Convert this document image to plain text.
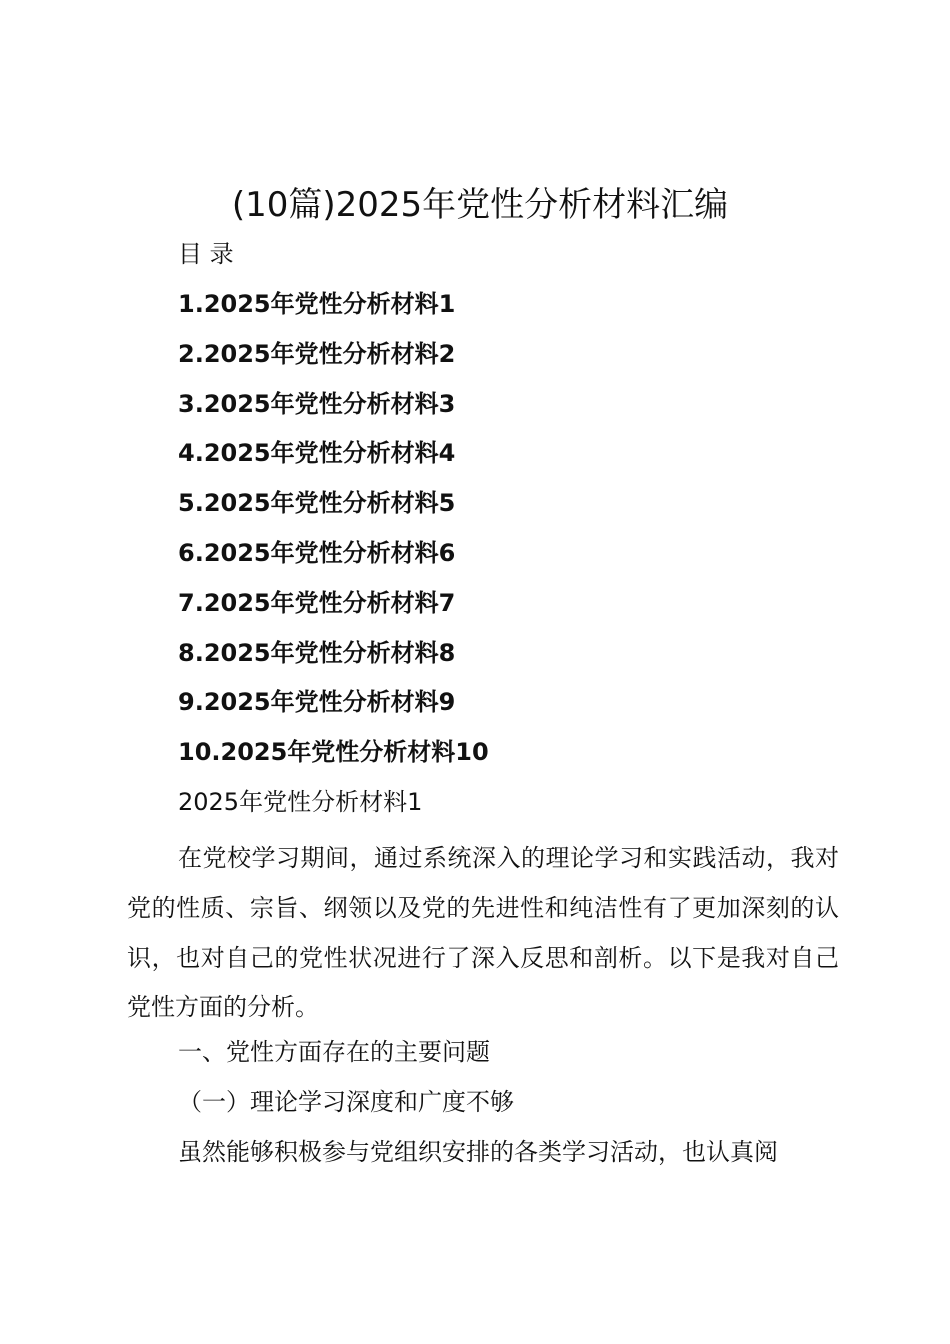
(10篇)2025年党性分析材料汇编
目 录
1.2025年党性分析材料1
2.2025年党性分析材料2
3.2025年党性分析材料3
4.2025年党性分析材料4
5.2025年党性分析材料5
6.2025年党性分析材料6
7.2025年党性分析材料7
8.2025年党性分析材料8
9.2025年党性分析材料9
10.2025年党性分析材料10
2025年党性分析材料1

在党校学习期间，通过系统深入的理论学习和实践活动，我对党的性质、宗旨、纲领以及党的先进性和纯洁性有了更加深刻的认识，也对自己的党性状况进行了深入反思和剖析。以下是我对自己党性方面的分析。

一、党性方面存在的主要问题
（一）理论学习深度和广度不够
虽然能够积极参与党组织安排的各类学习活动，也认真阅
